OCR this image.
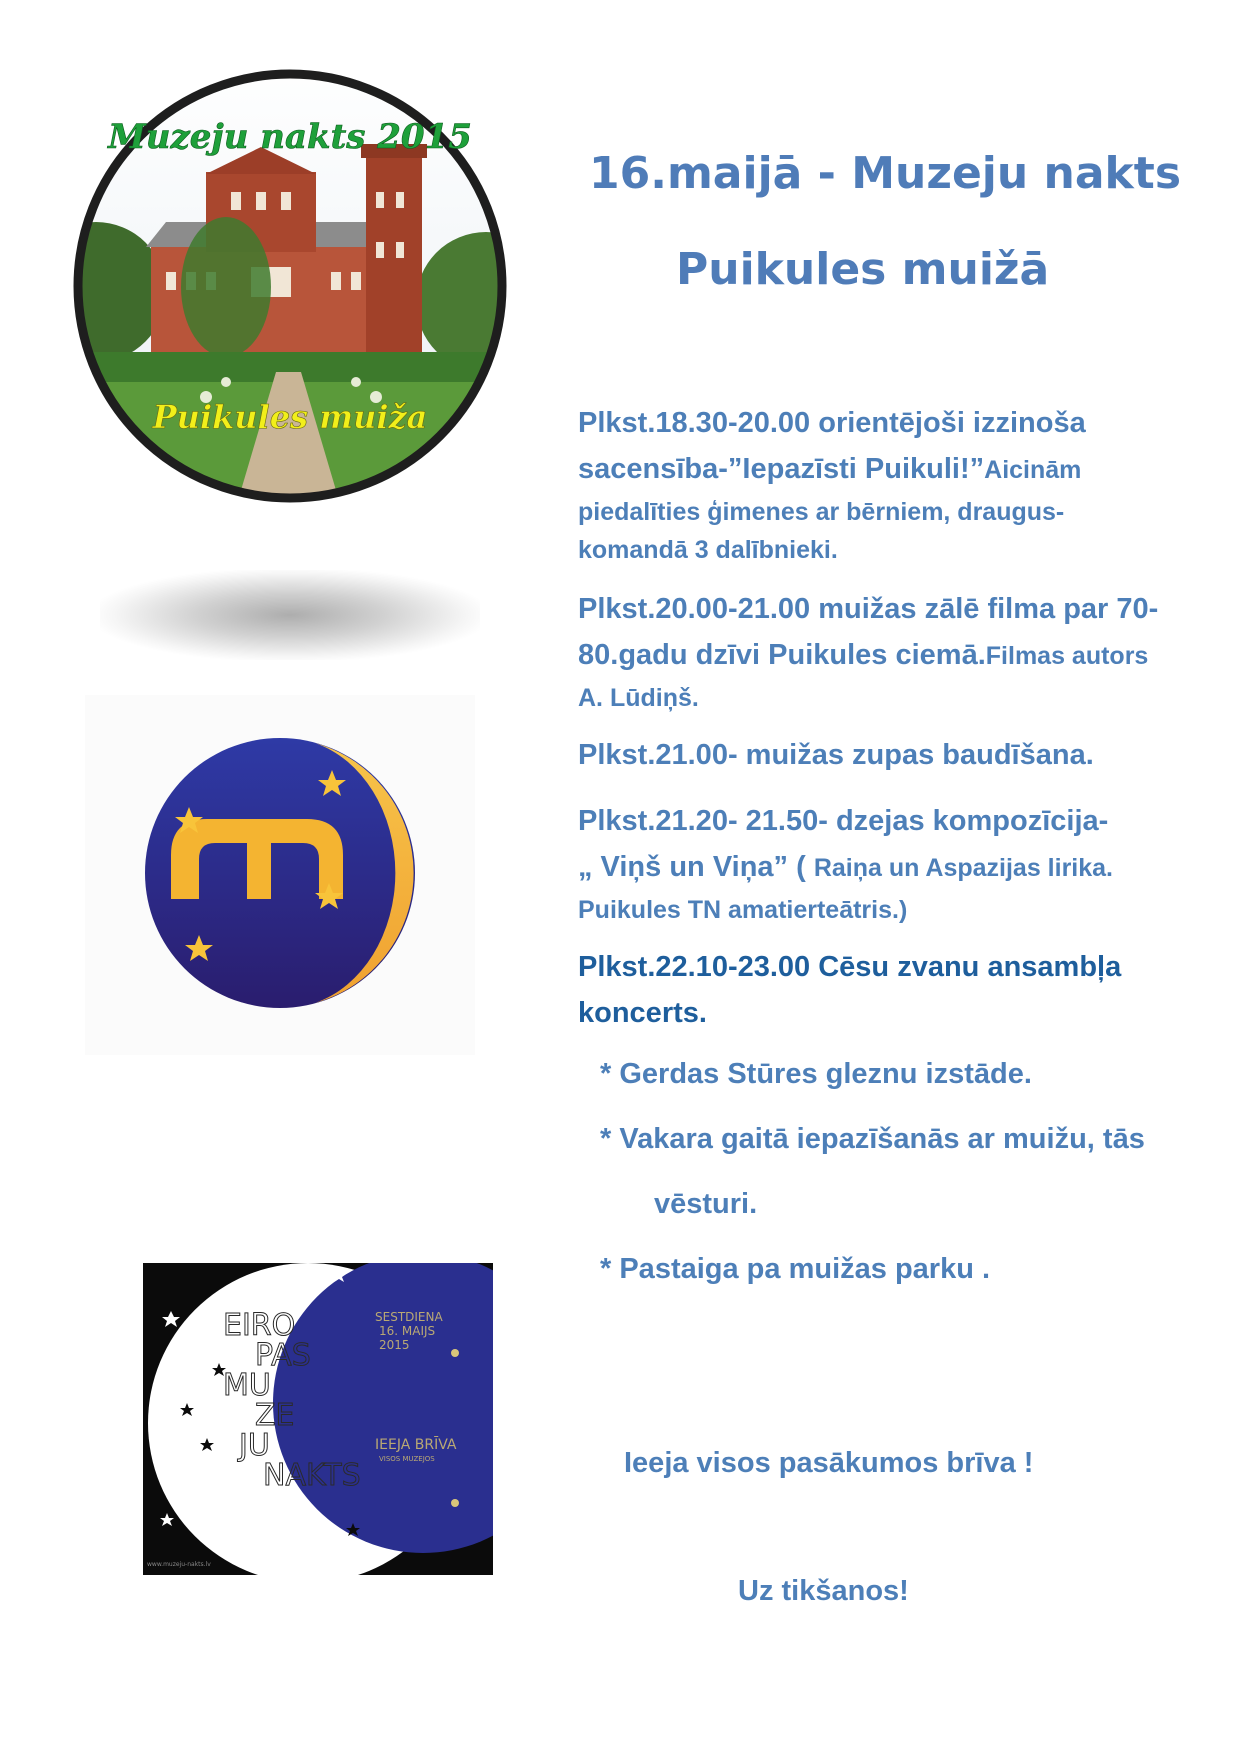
Muzeju nakts 2015
Puikules muiža
EIRO
PAS
MU
ZE
JU
NAKTS
SESTDIENA
16. MAIJS
2015
IEEJA BRĪVA
VISOS MUZEJOS
www.muzeju-nakts.lv
16.maijā - Muzeju nakts
Puikules muižā
Plkst.18.30-20.00 orientējoši izzinoša
sacensība-”Iepazīsti Puikuli!”Aicinām
piedalīties ģimenes ar bērniem, draugus-
komandā 3 dalībnieki.
Plkst.20.00-21.00 muižas zālē filma par 70-
80.gadu dzīvi Puikules ciemā.Filmas autors
A. Lūdiņš.
Plkst.21.00- muižas zupas baudīšana.
Plkst.21.20- 21.50- dzejas kompozīcija-
„ Viņš un Viņa” ( Raiņa un Aspazijas lirika.
Puikules TN amatierteātris.)
Plkst.22.10-23.00 Cēsu zvanu ansambļa
koncerts.
* Gerdas Stūres gleznu izstāde.
* Vakara gaitā iepazīšanās ar muižu, tās
vēsturi.
* Pastaiga pa muižas parku .
Ieeja visos pasākumos brīva !
Uz tikšanos!
